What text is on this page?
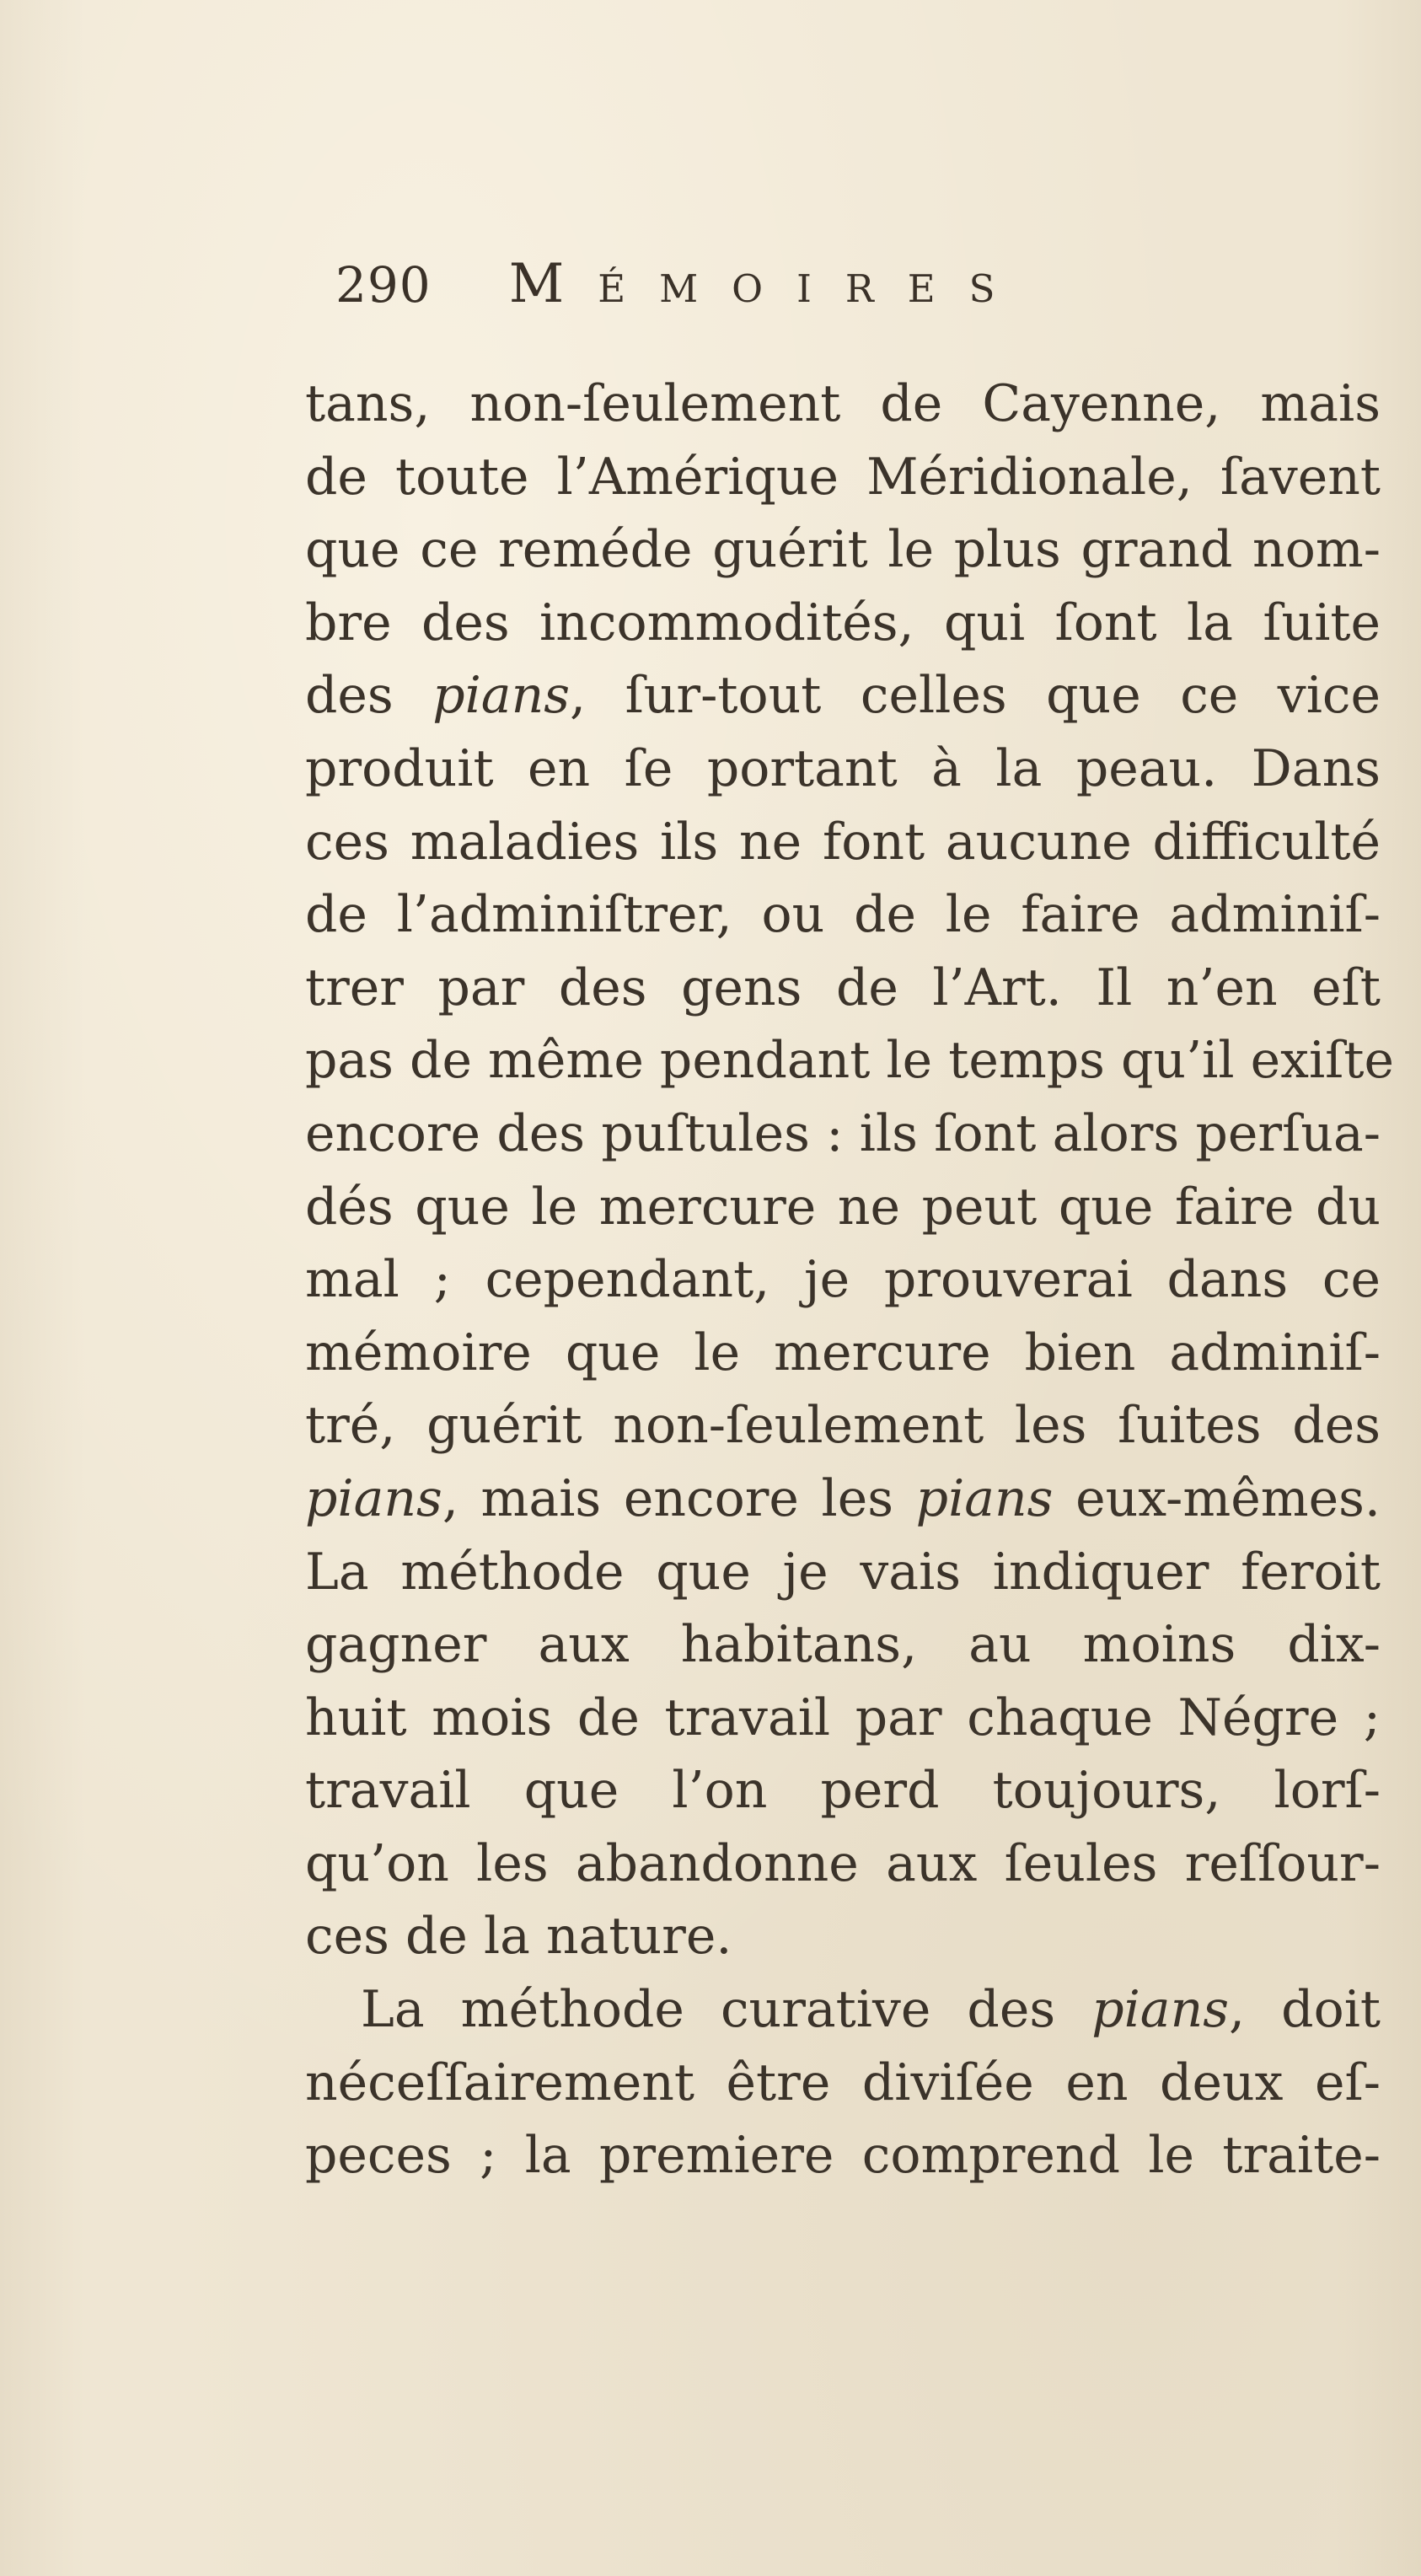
290 Mémoires
tans, non-ſeulement de Cayenne, mais
de toute l’Amérique Méridionale, ſavent
que ce reméde guérit le plus grand nom-
bre des incommodités, qui ſont la ſuite
des pians, ſur-tout celles que ce vice
produit en ſe portant à la peau. Dans
ces maladies ils ne font aucune difficulté
de l’adminiſtrer, ou de le faire adminiſ-
trer par des gens de l’Art. Il n’en eſt
pas de même pendant le temps qu’il exiſte
encore des puſtules : ils ſont alors perſua-
dés que le mercure ne peut que faire du
mal ; cependant, je prouverai dans ce
mémoire que le mercure bien adminiſ-
tré, guérit non-ſeulement les ſuites des
pians, mais encore les pians eux-mêmes.
La méthode que je vais indiquer feroit
gagner aux habitans, au moins dix-
huit mois de travail par chaque Négre ;
travail que l’on perd toujours, lorſ-
qu’on les abandonne aux ſeules reſſour-
ces de la nature.
La méthode curative des pians, doit
néceſſairement être diviſée en deux eſ-
peces ; la premiere comprend le traite-
